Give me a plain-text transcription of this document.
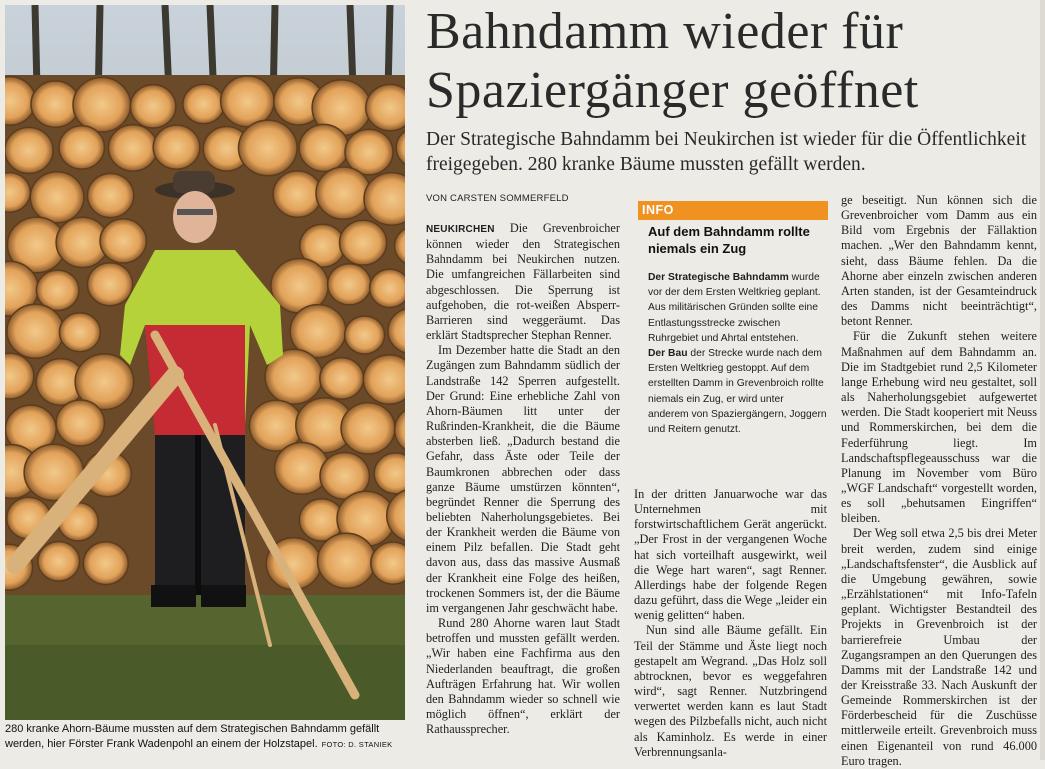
280 kranke Ahorn-Bäume mussten auf dem Strategischen Bahndamm gefällt werden, hier Förster Frank Wadenpohl an einem der Holzstapel. FOTO: D. STANIEK
Bahndamm wieder für Spaziergänger geöffnet
Der Strategische Bahndamm bei Neukirchen ist wieder für die Öffentlichkeit freigegeben. 280 kranke Bäume mussten gefällt werden.
VON CARSTEN SOMMERFELD

NEUKIRCHEN Die Grevenbroicher können wieder den Strategischen Bahndamm bei Neukirchen nutzen. Die umfangreichen Fällarbeiten sind abgeschlossen. Die Sperrung ist aufgehoben, die rot-weißen Absperr-Barrieren sind weggeräumt. Das erklärt Stadtsprecher Stephan Renner.

Im Dezember hatte die Stadt an den Zugängen zum Bahndamm südlich der Landstraße 142 Sperren aufgestellt. Der Grund: Eine erhebliche Zahl von Ahorn-Bäumen litt unter der Rußrinden-Krankheit, die die Bäume absterben ließ. „Dadurch bestand die Gefahr, dass Äste oder Teile der Baumkronen abbrechen oder dass ganze Bäume umstürzen könnten“, begründet Renner die Sperrung des beliebten Naherholungsgebietes. Bei der Krankheit werden die Bäume von einem Pilz befallen. Die Stadt geht davon aus, dass das massive Ausmaß der Krankheit eine Folge des heißen, trockenen Sommers ist, der die Bäume im vergangenen Jahr geschwächt habe.

Rund 280 Ahorne waren laut Stadt betroffen und mussten gefällt werden. „Wir haben eine Fachfirma aus den Niederlanden beauftragt, die großen Aufträgen Erfahrung hat. Wir wollen den Bahndamm wieder so schnell wie möglich öffnen“, erklärt der Rathaussprecher.

INFO
Auf dem Bahndamm rollte niemals ein Zug
Der Strategische Bahndamm wurde vor der dem Ersten Weltkrieg geplant. Aus militärischen Gründen sollte eine Entlastungsstrecke zwischen Ruhrgebiet und Ahrtal entstehen.
Der Bau der Strecke wurde nach dem Ersten Weltkrieg gestoppt. Auf dem erstellten Damm in Grevenbroich rollte niemals ein Zug, er wird unter anderem von Spaziergängern, Joggern und Reitern genutzt.

In der dritten Januarwoche war das Unternehmen mit forstwirtschaftlichem Gerät angerückt. „Der Frost in der vergangenen Woche hat sich vorteilhaft ausgewirkt, weil die Wege hart waren“, sagt Renner. Allerdings habe der folgende Regen dazu geführt, dass die Wege „leider ein wenig gelitten“ haben.

Nun sind alle Bäume gefällt. Ein Teil der Stämme und Äste liegt noch gestapelt am Wegrand. „Das Holz soll abtrocknen, bevor es weggefahren wird“, sagt Renner. Nutzbringend verwertet werden kann es laut Stadt wegen des Pilzbefalls nicht, auch nicht als Kaminholz. Es werde in einer Verbrennungsanla-

ge beseitigt. Nun können sich die Grevenbroicher vom Damm aus ein Bild vom Ergebnis der Fällaktion machen. „Wer den Bahndamm kennt, sieht, dass Bäume fehlen. Da die Ahorne aber einzeln zwischen anderen Arten standen, ist der Gesamteindruck des Damms nicht beeinträchtigt“, betont Renner.

Für die Zukunft stehen weitere Maßnahmen auf dem Bahndamm an. Die im Stadtgebiet rund 2,5 Kilometer lange Erhebung wird neu gestaltet, soll als Naherholungsgebiet aufgewertet werden. Die Stadt kooperiert mit Neuss und Rommerskirchen, bei dem die Federführung liegt. Im Landschaftspflegeausschuss war die Planung im November vom Büro „WGF Landschaft“ vorgestellt worden, es soll „behutsamen Eingriffen“ bleiben.

Der Weg soll etwa 2,5 bis drei Meter breit werden, zudem sind einige „Landschaftsfenster“, die Ausblick auf die Umgebung gewähren, sowie „Erzählstationen“ mit Info-Tafeln geplant. Wichtigster Bestandteil des Projekts in Grevenbroich ist der barrierefreie Umbau der Zugangsrampen an den Querungen des Damms mit der Landstraße 142 und der Kreisstraße 33. Nach Auskunft der Gemeinde Rommerskirchen ist der Förderbescheid für die Zuschüsse mittlerweile erteilt. Grevenbroich muss einen Eigenanteil von rund 46.000 Euro tragen.
